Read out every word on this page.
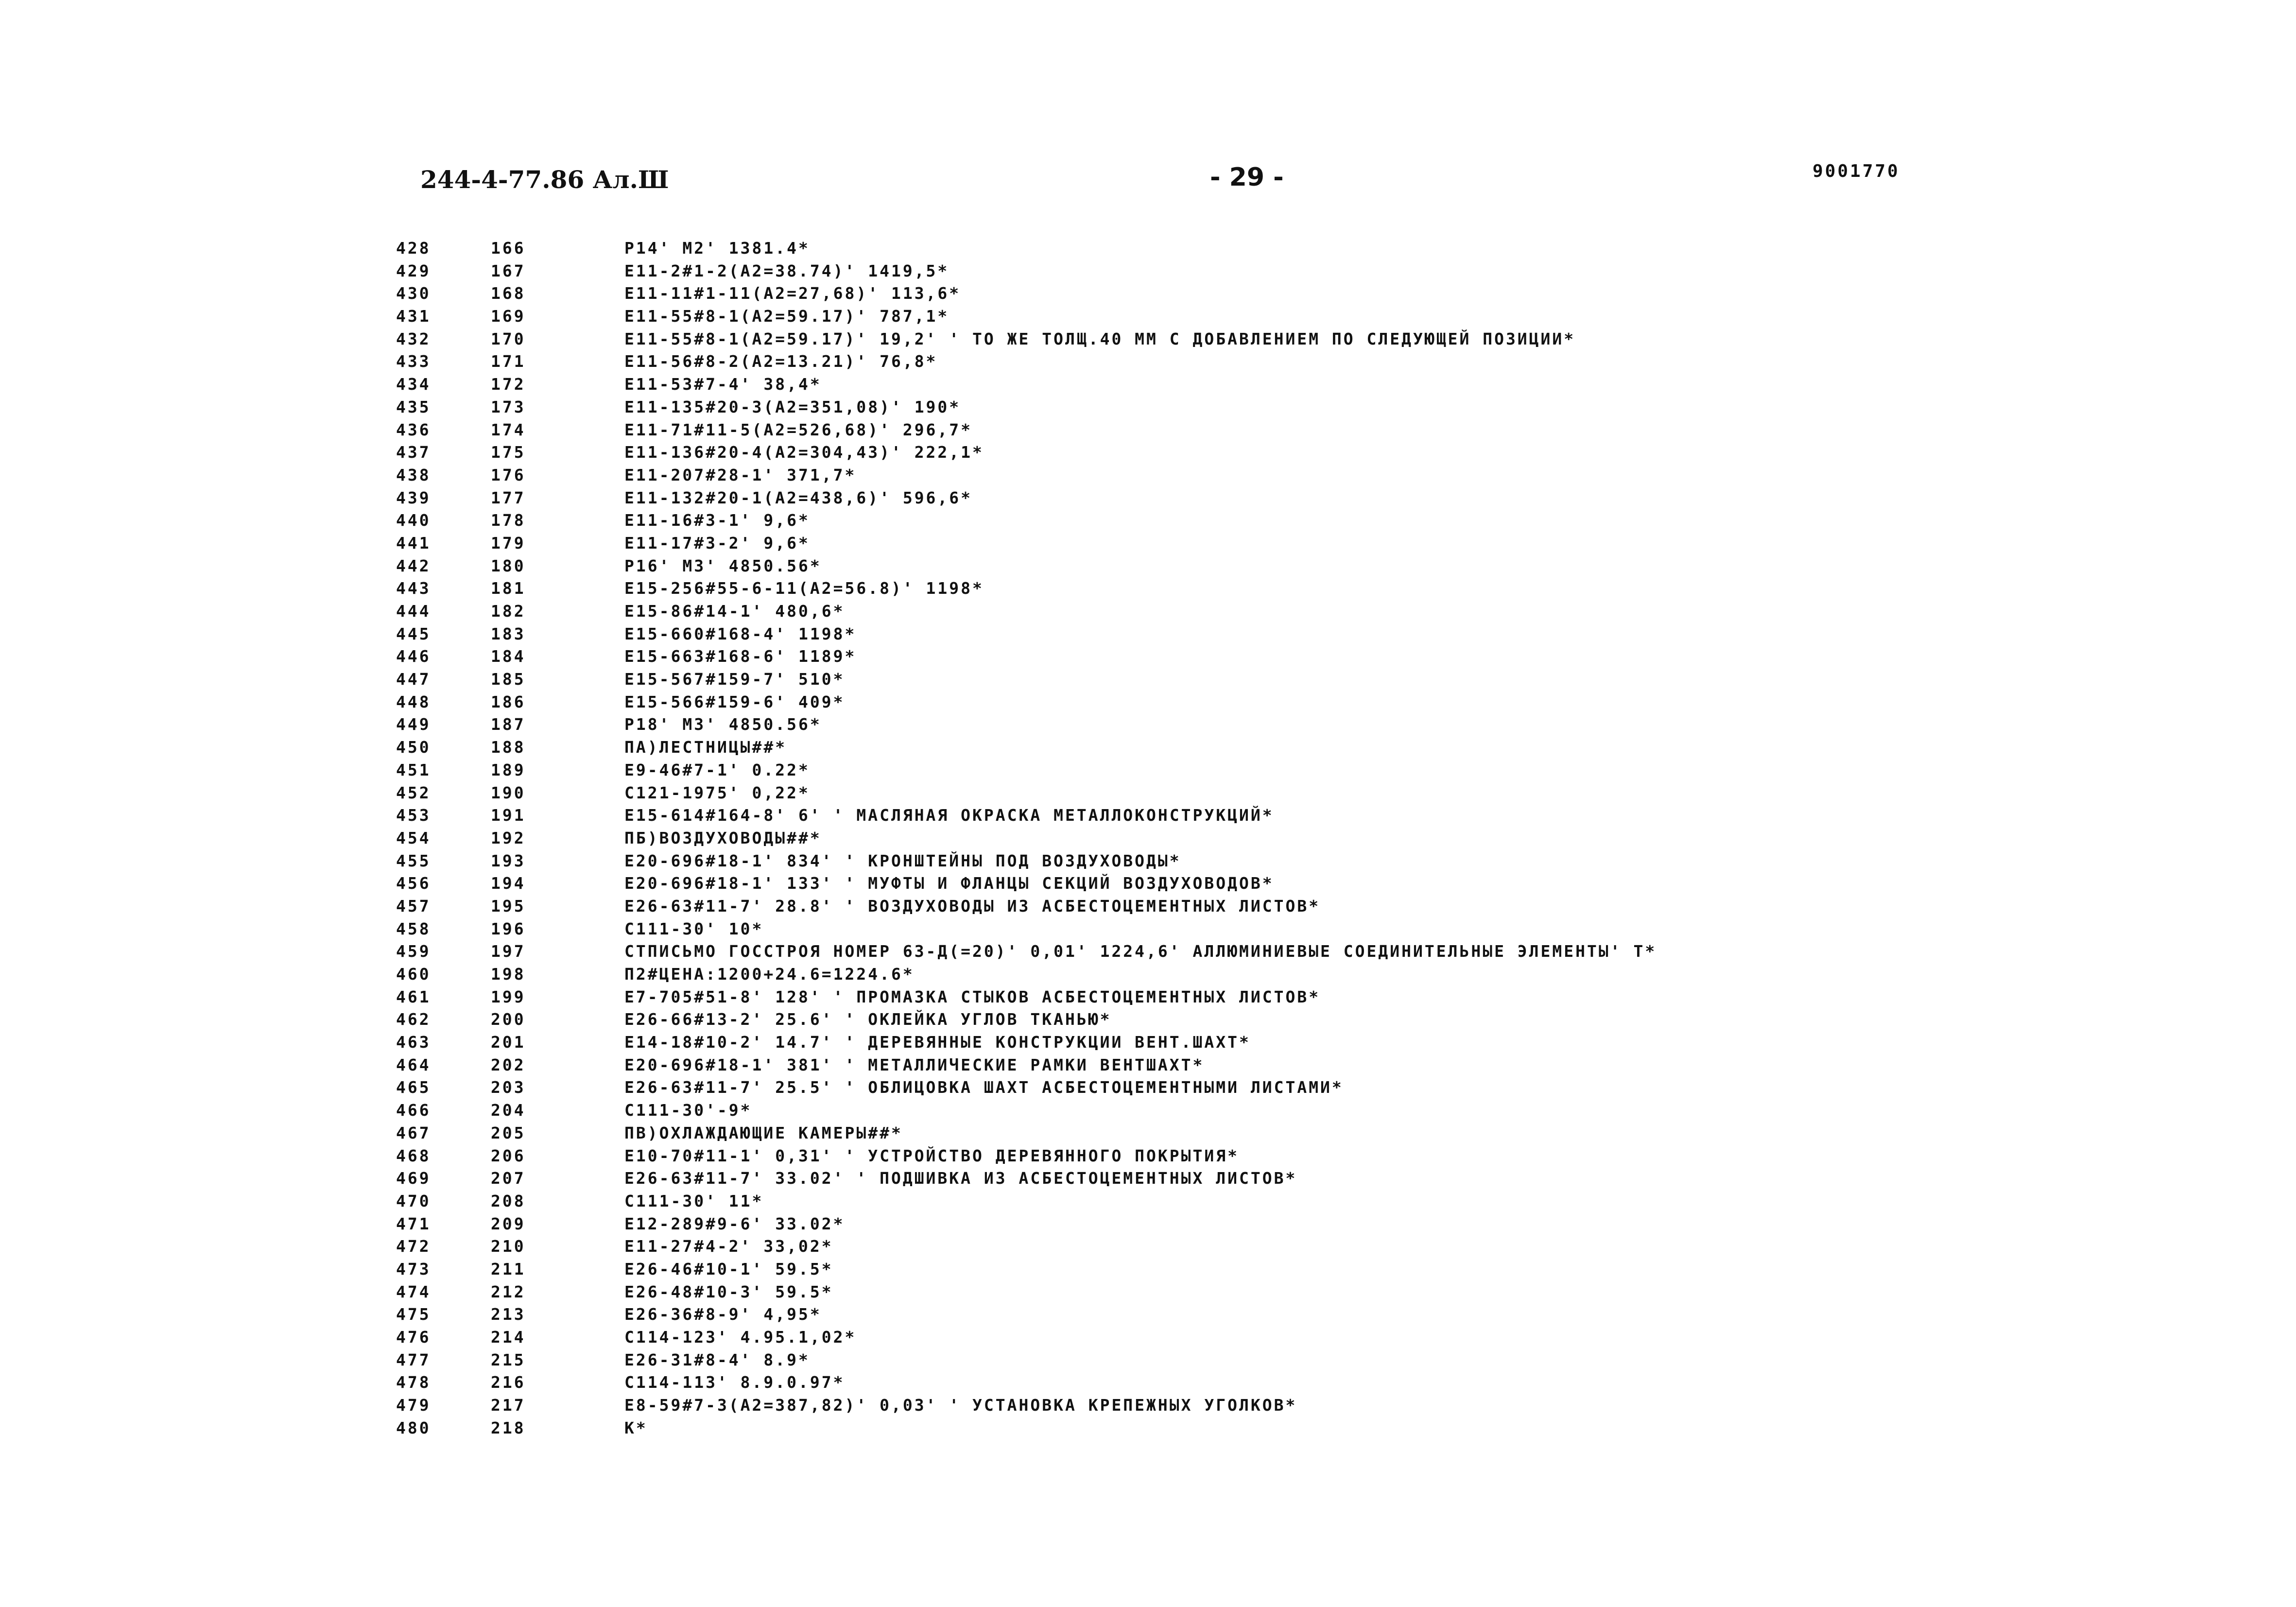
244-4-77.86 Ал.Ш	- 29 -	9001770
428	166	Р14' М2' 1381.4*
429	167	Е11-2#1-2(А2=38.74)' 1419,5*
430	168	Е11-11#1-11(А2=27,68)' 113,6*
431	169	Е11-55#8-1(А2=59.17)' 787,1*
432	170	Е11-55#8-1(А2=59.17)' 19,2' ' ТО ЖЕ ТОЛЩ.40 ММ С ДОБАВЛЕНИЕМ ПО СЛЕДУЮЩЕЙ ПОЗИЦИИ*
433	171	Е11-56#8-2(А2=13.21)' 76,8*
434	172	Е11-53#7-4' 38,4*
435	173	Е11-135#20-3(А2=351,08)' 190*
436	174	Е11-71#11-5(А2=526,68)' 296,7*
437	175	Е11-136#20-4(А2=304,43)' 222,1*
438	176	Е11-207#28-1' 371,7*
439	177	Е11-132#20-1(А2=438,6)' 596,6*
440	178	Е11-16#3-1' 9,6*
441	179	Е11-17#3-2' 9,6*
442	180	Р16' М3' 4850.56*
443	181	Е15-256#55-6-11(А2=56.8)' 1198*
444	182	Е15-86#14-1' 480,6*
445	183	Е15-660#168-4' 1198*
446	184	Е15-663#168-6' 1189*
447	185	Е15-567#159-7' 510*
448	186	Е15-566#159-6' 409*
449	187	Р18' М3' 4850.56*
450	188	ПА)ЛЕСТНИЦЫ##*
451	189	Е9-46#7-1' 0.22*
452	190	С121-1975' 0,22*
453	191	Е15-614#164-8' 6' ' МАСЛЯНАЯ ОКРАСКА МЕТАЛЛОКОНСТРУКЦИЙ*
454	192	ПБ)ВОЗДУХОВОДЫ##*
455	193	Е20-696#18-1' 834' ' КРОНШТЕЙНЫ ПОД ВОЗДУХОВОДЫ*
456	194	Е20-696#18-1' 133' ' МУФТЫ И ФЛАНЦЫ СЕКЦИЙ ВОЗДУХОВОДОВ*
457	195	Е26-63#11-7' 28.8' ' ВОЗДУХОВОДЫ ИЗ АСБЕСТОЦЕМЕНТНЫХ ЛИСТОВ*
458	196	С111-30' 10*
459	197	СТПИСЬМО ГОССТРОЯ НОМЕР 63-Д(=20)' 0,01' 1224,6' АЛЛЮМИНИЕВЫЕ СОЕДИНИТЕЛЬНЫЕ ЭЛЕМЕНТЫ' Т*
460	198	П2#ЦЕНА:1200+24.6=1224.6*
461	199	Е7-705#51-8' 128' ' ПРОМАЗКА СТЫКОВ АСБЕСТОЦЕМЕНТНЫХ ЛИСТОВ*
462	200	Е26-66#13-2' 25.6' ' ОКЛЕЙКА УГЛОВ ТКАНЬЮ*
463	201	Е14-18#10-2' 14.7' ' ДЕРЕВЯННЫЕ КОНСТРУКЦИИ ВЕНТ.ШАХТ*
464	202	Е20-696#18-1' 381' ' МЕТАЛЛИЧЕСКИЕ РАМКИ ВЕНТШАХТ*
465	203	Е26-63#11-7' 25.5' ' ОБЛИЦОВКА ШАХТ АСБЕСТОЦЕМЕНТНЫМИ ЛИСТАМИ*
466	204	С111-30'-9*
467	205	ПВ)ОХЛАЖДАЮЩИЕ КАМЕРЫ##*
468	206	Е10-70#11-1' 0,31' ' УСТРОЙСТВО ДЕРЕВЯННОГО ПОКРЫТИЯ*
469	207	Е26-63#11-7' 33.02' ' ПОДШИВКА ИЗ АСБЕСТОЦЕМЕНТНЫХ ЛИСТОВ*
470	208	С111-30' 11*
471	209	Е12-289#9-6' 33.02*
472	210	Е11-27#4-2' 33,02*
473	211	Е26-46#10-1' 59.5*
474	212	Е26-48#10-3' 59.5*
475	213	Е26-36#8-9' 4,95*
476	214	С114-123' 4.95.1,02*
477	215	Е26-31#8-4' 8.9*
478	216	С114-113' 8.9.0.97*
479	217	Е8-59#7-3(А2=387,82)' 0,03' ' УСТАНОВКА КРЕПЕЖНЫХ УГОЛКОВ*
480	218	К*
